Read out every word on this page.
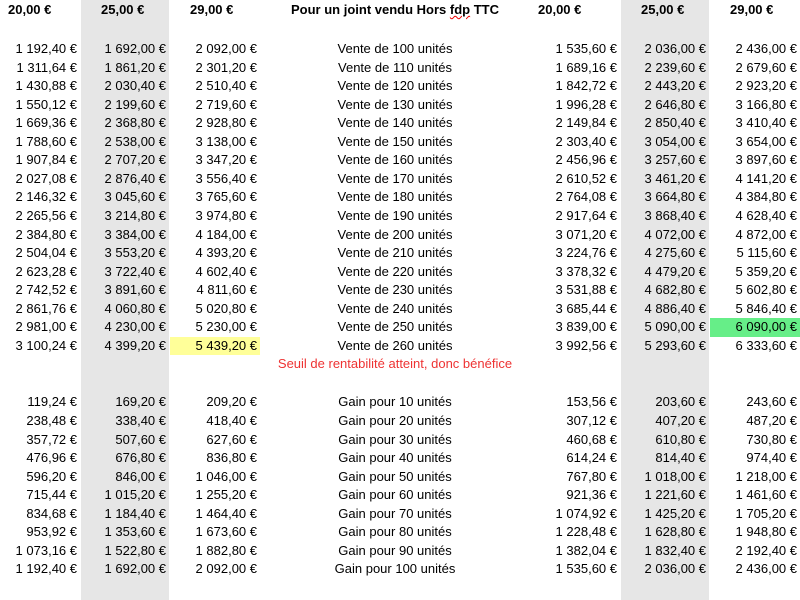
20,00 €	25,00 €	29,00 €	Pour un joint vendu Hors fdp TTC	20,00 €	25,00 €	29,00 €
1 192,40 €	1 692,00 €	2 092,00 €	Vente de 100 unités	1 535,60 €	2 036,00 €	2 436,00 €
1 311,64 €	1 861,20 €	2 301,20 €	Vente de 110 unités	1 689,16 €	2 239,60 €	2 679,60 €
1 430,88 €	2 030,40 €	2 510,40 €	Vente de 120 unités	1 842,72 €	2 443,20 €	2 923,20 €
1 550,12 €	2 199,60 €	2 719,60 €	Vente de 130 unités	1 996,28 €	2 646,80 €	3 166,80 €
1 669,36 €	2 368,80 €	2 928,80 €	Vente de 140 unités	2 149,84 €	2 850,40 €	3 410,40 €
1 788,60 €	2 538,00 €	3 138,00 €	Vente de 150 unités	2 303,40 €	3 054,00 €	3 654,00 €
1 907,84 €	2 707,20 €	3 347,20 €	Vente de 160 unités	2 456,96 €	3 257,60 €	3 897,60 €
2 027,08 €	2 876,40 €	3 556,40 €	Vente de 170 unités	2 610,52 €	3 461,20 €	4 141,20 €
2 146,32 €	3 045,60 €	3 765,60 €	Vente de 180 unités	2 764,08 €	3 664,80 €	4 384,80 €
2 265,56 €	3 214,80 €	3 974,80 €	Vente de 190 unités	2 917,64 €	3 868,40 €	4 628,40 €
2 384,80 €	3 384,00 €	4 184,00 €	Vente de 200 unités	3 071,20 €	4 072,00 €	4 872,00 €
2 504,04 €	3 553,20 €	4 393,20 €	Vente de 210 unités	3 224,76 €	4 275,60 €	5 115,60 €
2 623,28 €	3 722,40 €	4 602,40 €	Vente de 220 unités	3 378,32 €	4 479,20 €	5 359,20 €
2 742,52 €	3 891,60 €	4 811,60 €	Vente de 230 unités	3 531,88 €	4 682,80 €	5 602,80 €
2 861,76 €	4 060,80 €	5 020,80 €	Vente de 240 unités	3 685,44 €	4 886,40 €	5 846,40 €
2 981,00 €	4 230,00 €	5 230,00 €	Vente de 250 unités	3 839,00 €	5 090,00 €	6 090,00 €
3 100,24 €	4 399,20 €	5 439,20 €	Vente de 260 unités	3 992,56 €	5 293,60 €	6 333,60 €
Seuil de rentabilité atteint, donc bénéfice
119,24 €	169,20 €	209,20 €	Gain pour 10 unités	153,56 €	203,60 €	243,60 €
238,48 €	338,40 €	418,40 €	Gain pour 20 unités	307,12 €	407,20 €	487,20 €
357,72 €	507,60 €	627,60 €	Gain pour 30 unités	460,68 €	610,80 €	730,80 €
476,96 €	676,80 €	836,80 €	Gain pour 40 unités	614,24 €	814,40 €	974,40 €
596,20 €	846,00 €	1 046,00 €	Gain pour 50 unités	767,80 €	1 018,00 €	1 218,00 €
715,44 €	1 015,20 €	1 255,20 €	Gain pour 60 unités	921,36 €	1 221,60 €	1 461,60 €
834,68 €	1 184,40 €	1 464,40 €	Gain pour 70 unités	1 074,92 €	1 425,20 €	1 705,20 €
953,92 €	1 353,60 €	1 673,60 €	Gain pour 80 unités	1 228,48 €	1 628,80 €	1 948,80 €
1 073,16 €	1 522,80 €	1 882,80 €	Gain pour 90 unités	1 382,04 €	1 832,40 €	2 192,40 €
1 192,40 €	1 692,00 €	2 092,00 €	Gain pour 100 unités	1 535,60 €	2 036,00 €	2 436,00 €
